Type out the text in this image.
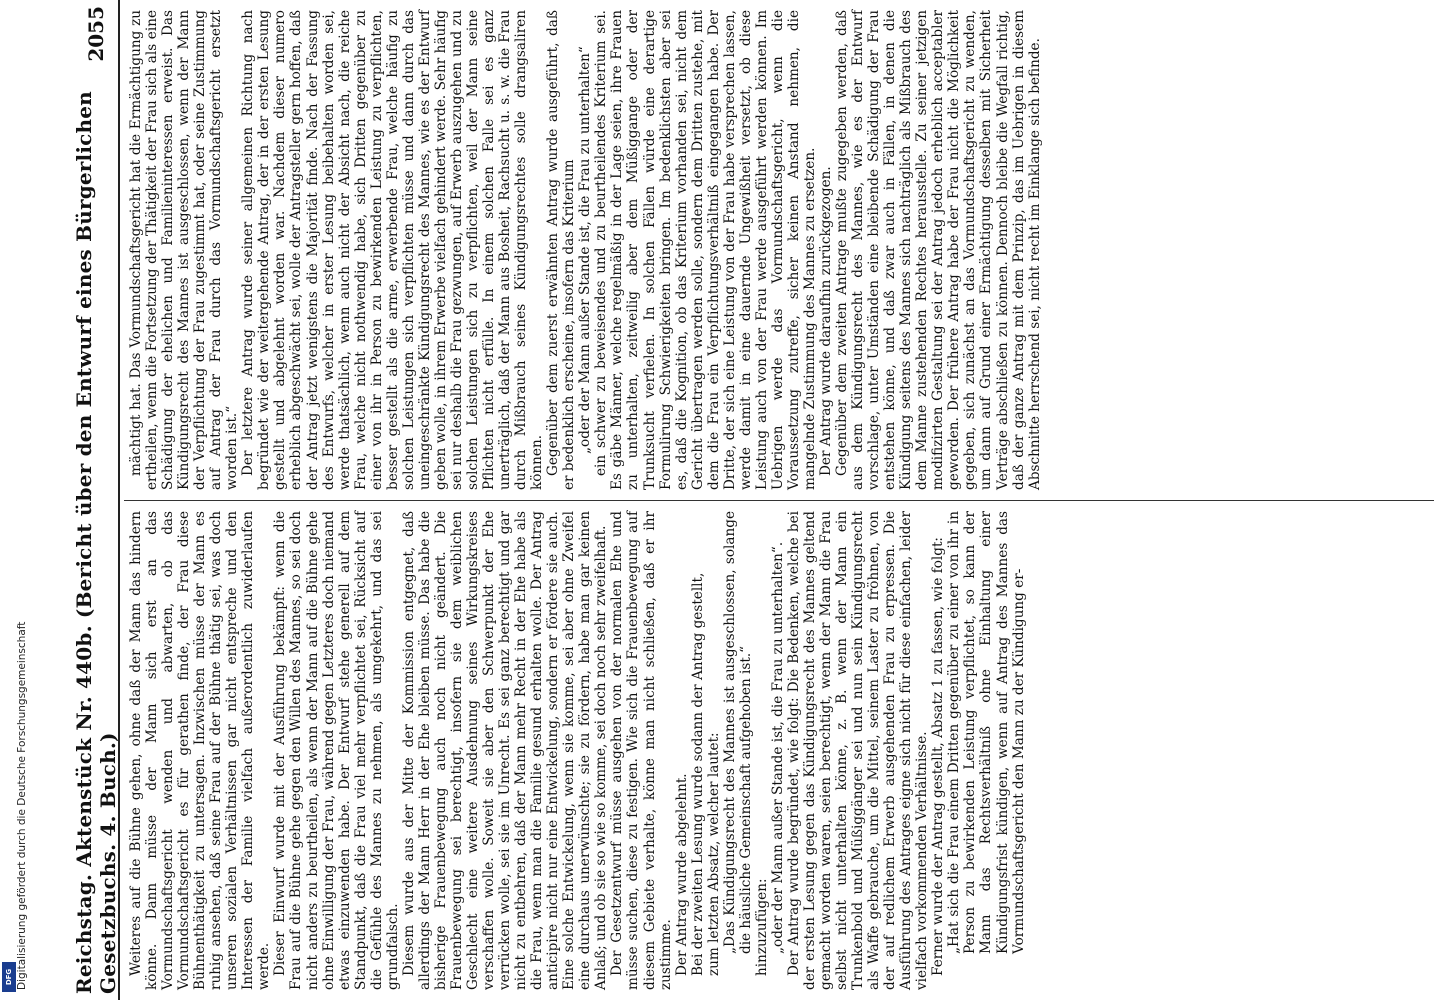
Reichstag. Aktenstück Nr. 440b. (Bericht über den Entwurf eines Bürgerlichen Gesetzbuchs. 4. Buch.)
2055

Weiteres auf die Bühne gehen, ohne daß der Mann das hindern könne. Dann müsse der Mann sich erst an das Vormundschaftsgericht wenden und abwarten, ob das Vormundschaftsgericht es für gerathen finde, der Frau diese Bühnenthätigkeit zu untersagen. Inzwischen müsse der Mann es ruhig ansehen, daß seine Frau auf der Bühne thätig sei, was doch unseren sozialen Verhältnissen gar nicht entspreche und den Interessen der Familie vielfach außerordentlich zuwiderlaufen werde. Dieser Einwurf wurde mit der Ausführung bekämpft: wenn die Frau auf die Bühne gehe gegen den Willen des Mannes, so sei doch nicht anders zu beurtheilen, als wenn der Mann auf die Bühne gehe ohne Einwilligung der Frau, während gegen Letzteres doch niemand etwas einzuwenden habe. Der Entwurf stehe generell auf dem Standpunkt, daß die Frau viel mehr verpflichtet sei, Rücksicht auf die Gefühle des Mannes zu nehmen, als umgekehrt, und das sei grundfalsch. Diesem wurde aus der Mitte der Kommission entgegnet, daß allerdings der Mann Herr in der Ehe bleiben müsse. Das habe die bisherige Frauenbewegung auch noch nicht geändert. Die Frauenbewegung sei berechtigt, insofern sie dem weiblichen Geschlecht eine weitere Ausdehnung seines Wirkungskreises verschaffen wolle. Soweit sie aber den Schwerpunkt der Ehe verrücken wolle, sei sie im Unrecht. Es sei ganz berechtigt und gar nicht zu entbehren, daß der Mann mehr Recht in der Ehe habe als die Frau, wenn man die Familie gesund erhalten wolle. Der Antrag anticipire nicht nur eine Entwickelung, sondern er fördere sie auch. Eine solche Entwickelung, wenn sie komme, sei aber ohne Zweifel eine durchaus unerwünschte; sie zu fördern, habe man gar keinen Anlaß; und ob sie so wie so komme, sei doch noch sehr zweifelhaft. Der Gesetzentwurf müsse ausgehen von der normalen Ehe und müsse suchen, diese zu festigen. Wie sich die Frauenbewegung auf diesem Gebiete verhalte, könne man nicht schließen, daß er ihr zustimme. Der Antrag wurde abgelehnt. Bei der zweiten Lesung wurde sodann der Antrag gestellt, zum letzten Absatz, welcher lautet: „Das Kündigungsrecht des Mannes ist ausgeschlossen, solange die häusliche Gemeinschaft aufgehoben ist.“ hinzuzufügen: „oder der Mann außer Stande ist, die Frau zu unterhalten“. Der Antrag wurde begründet, wie folgt: Die Bedenken, welche bei der ersten Lesung gegen das Kündigungsrecht des Mannes geltend gemacht worden waren, seien berechtigt, wenn der Mann die Frau selbst nicht unterhalten könne, z. B. wenn der Mann ein Trunkenbold und Müßiggänger sei und nun sein Kündigungsrecht als Waffe gebrauche, um die Mittel, seinem Laster zu fröhnen, von der auf redlichem Erwerb ausgehenden Frau zu erpressen. Die Ausführung des Antrages eigne sich nicht für diese einfachen, leider vielfach vorkommenden Verhältnisse. Ferner wurde der Antrag gestellt, Absatz 1 zu fassen, wie folgt: „Hat sich die Frau einem Dritten gegenüber zu einer von ihr in Person zu bewirkenden Leistung verpflichtet, so kann der Mann das Rechtsverhältniß ohne Einhaltung einer Kündigungsfrist kündigen, wenn auf Antrag des Mannes das Vormundschaftsgericht den Mann zu der Kündigung er-

mächtigt hat. Das Vormundschaftsgericht hat die Ermächtigung zu ertheilen, wenn die Fortsetzung der Thätigkeit der Frau sich als eine Schädigung der ehelichen und Familieninteressen erweist. Das Kündigungsrecht des Mannes ist ausgeschlossen, wenn der Mann der Verpflichtung der Frau zugestimmt hat, oder seine Zustimmung auf Antrag der Frau durch das Vormundschaftsgericht ersetzt worden ist.“ Der letztere Antrag wurde seiner allgemeinen Richtung nach begründet wie der weitergehende Antrag, der in der ersten Lesung gestellt und abgelehnt worden war. Nachdem dieser numero erheblich abgeschwächt sei, wolle der Antragsteller gern hoffen, daß der Antrag jetzt wenigstens die Majorität finde. Nach der Fassung des Entwurfs, welcher in erster Lesung beibehalten worden sei, werde thatsächlich, wenn auch nicht der Absicht nach, die reiche Frau, welche nicht nothwendig habe, sich Dritten gegenüber zu einer von ihr in Person zu bewirkenden Leistung zu verpflichten, besser gestellt als die arme, erwerbende Frau, welche häufig zu solchen Leistungen sich verpflichten müsse und dann durch das uneingeschränkte Kündigungsrecht des Mannes, wie es der Entwurf geben wolle, in ihrem Erwerbe vielfach gehindert werde. Sehr häufig sei nur deshalb die Frau gezwungen, auf Erwerb auszugehen und zu solchen Leistungen sich zu verpflichten, weil der Mann seine Pflichten nicht erfülle. In einem solchen Falle sei es ganz unerträglich, daß der Mann aus Bosheit, Rachsucht u. s. w. die Frau durch Mißbrauch seines Kündigungsrechtes solle drangsaliren können. Gegenüber dem zuerst erwähnten Antrag wurde ausgeführt, daß er bedenklich erscheine, insofern das Kriterium „oder der Mann außer Stande ist, die Frau zu unterhalten“ ein schwer zu beweisendes und zu beurtheilendes Kriterium sei. Es gäbe Männer, welche regelmäßig in der Lage seien, ihre Frauen zu unterhalten, zeitweilig aber dem Müßiggange oder der Trunksucht verfielen. In solchen Fällen würde eine derartige Formulirung Schwierigkeiten bringen. Im bedenklichsten aber sei es, daß die Kognition, ob das Kriterium vorhanden sei, nicht dem Gericht übertragen werden solle, sondern dem Dritten zustehe, mit dem die Frau ein Verpflichtungsverhältniß eingegangen habe. Der Dritte, der sich eine Leistung von der Frau habe versprechen lassen, werde damit in eine dauernde Ungewißheit versetzt, ob diese Leistung auch von der Frau werde ausgeführt werden können. Im Uebrigen werde das Vormundschaftsgericht, wenn die Voraussetzung zutreffe, sicher keinen Anstand nehmen, die mangelnde Zustimmung des Mannes zu ersetzen. Der Antrag wurde daraufhin zurückgezogen. Gegenüber dem zweiten Antrage mußte zugegeben werden, daß aus dem Kündigungsrecht des Mannes, wie es der Entwurf vorschlage, unter Umständen eine bleibende Schädigung der Frau entstehen könne, und daß zwar auch in Fällen, in denen die Kündigung seitens des Mannes sich nachträglich als Mißbrauch des dem Manne zustehenden Rechtes herausstelle. Zu seiner jetzigen modifizirten Gestaltung sei der Antrag jedoch erheblich acceptabler geworden. Der frühere Antrag habe der Frau nicht die Möglichkeit gegeben, sich zunächst an das Vormundschaftsgericht zu wenden, um dann auf Grund einer Ermächtigung desselben mit Sicherheit Verträge abschließen zu können. Dennoch bleibe die Wegfall richtig, daß der ganze Antrag mit dem Prinzip, das im Uebrigen in diesem Abschnitte herrschend sei, nicht recht im Einklange sich befinde.

Digitalisierung gefördert durch die Deutsche Forschungsgemeinschaft
DFG
